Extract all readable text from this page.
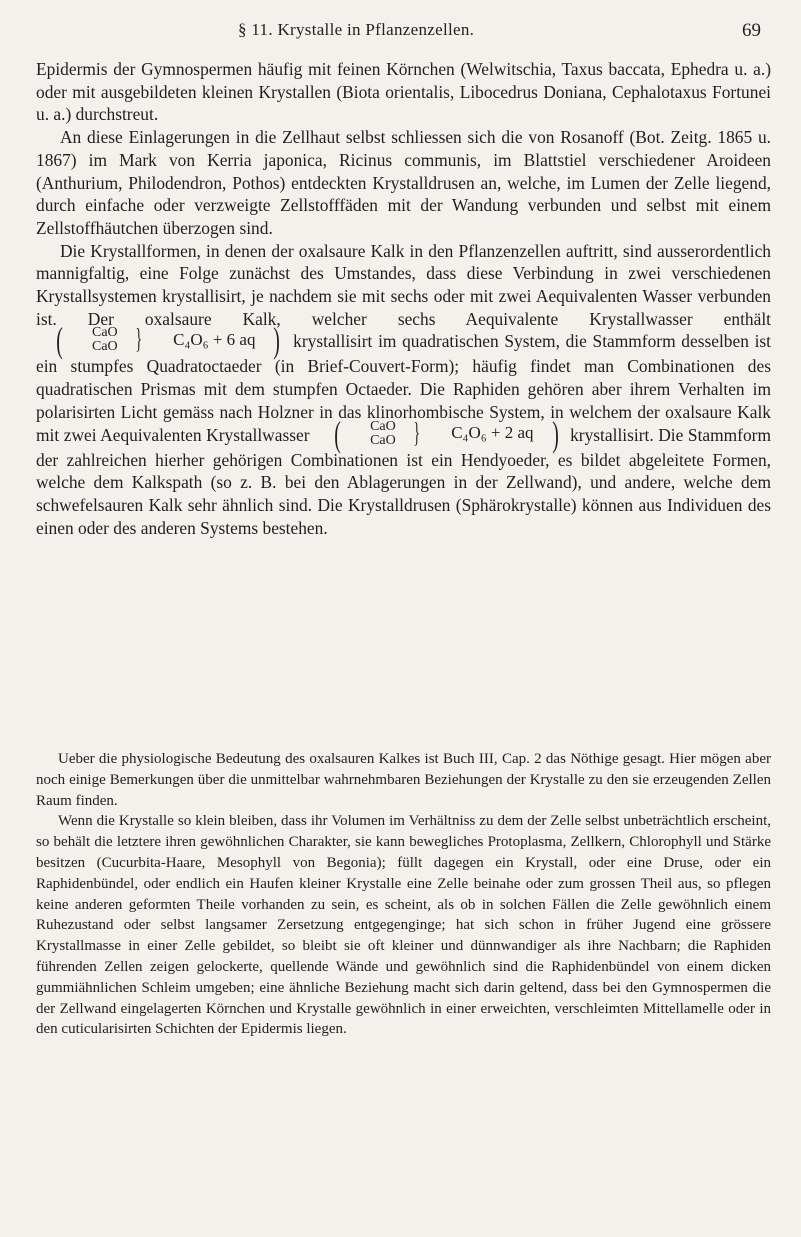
§ 11. Krystalle in Pflanzenzellen.	69

Epidermis der Gymnospermen häufig mit feinen Körnchen (Welwitschia, Taxus baccata, Ephedra u. a.) oder mit ausgebildeten kleinen Krystallen (Biota orientalis, Libocedrus Doniana, Cephalotaxus Fortunei u. a.) durchstreut.

An diese Einlagerungen in die Zellhaut selbst schliessen sich die von Rosanoff (Bot. Zeitg. 1865 u. 1867) im Mark von Kerria japonica, Ricinus communis, im Blattstiel verschiedener Aroideen (Anthurium, Philodendron, Pothos) entdeckten Krystalldrusen an, welche, im Lumen der Zelle liegend, durch einfache oder verzweigte Zellstofffäden mit der Wandung verbunden und selbst mit einem Zellstoffhäutchen überzogen sind.

Die Krystallformen, in denen der oxalsaure Kalk in den Pflanzenzellen auftritt, sind ausserordentlich mannigfaltig, eine Folge zunächst des Umstandes, dass diese Verbindung in zwei verschiedenen Krystallsystemen krystallisirt, je nachdem sie mit sechs oder mit zwei Aequivalenten Wasser verbunden ist. Der oxalsaure Kalk, welcher sechs Aequivalente Krystallwasser enthält
(	CaO
CaO }	C₄O₆ + 6 aq ) krystallisirt im quadratischen System, die Stammform desselben ist ein stumpfes Quadratoctaeder (in Brief-Couvert-Form); häufig findet man Combinationen des quadratischen Prismas mit dem stumpfen Octaeder. Die Raphiden gehören aber ihrem Verhalten im polarisirten Licht gemäss nach Holzner in das klinorhombische System, in welchem der oxalsaure Kalk mit zwei Aequivalenten Krystallwasser (	CaO
CaO }	C₄O₆ + 2 aq ) krystallisirt. Die Stammform der zahlreichen hierher gehörigen Combinationen ist ein Hendyoeder, es bildet abgeleitete Formen, welche dem Kalkspath (so z. B. bei den Ablagerungen in der Zellwand), und andere, welche dem schwefelsauren Kalk sehr ähnlich sind. Die Krystalldrusen (Sphärokrystalle) können aus Individuen des einen oder des anderen Systems bestehen.

Ueber die physiologische Bedeutung des oxalsauren Kalkes ist Buch III, Cap. 2 das Nöthige gesagt. Hier mögen aber noch einige Bemerkungen über die unmittelbar wahrnehmbaren Beziehungen der Krystalle zu den sie erzeugenden Zellen Raum finden.

Wenn die Krystalle so klein bleiben, dass ihr Volumen im Verhältniss zu dem der Zelle selbst unbeträchtlich erscheint, so behält die letztere ihren gewöhnlichen Charakter, sie kann bewegliches Protoplasma, Zellkern, Chlorophyll und Stärke besitzen (Cucurbita-Haare, Mesophyll von Begonia); füllt dagegen ein Krystall, oder eine Druse, oder ein Raphidenbündel, oder endlich ein Haufen kleiner Krystalle eine Zelle beinahe oder zum grossen Theil aus, so pflegen keine anderen geformten Theile vorhanden zu sein, es scheint, als ob in solchen Fällen die Zelle gewöhnlich einem Ruhezustand oder selbst langsamer Zersetzung entgegenginge; hat sich schon in früher Jugend eine grössere Krystallmasse in einer Zelle gebildet, so bleibt sie oft kleiner und dünnwandiger als ihre Nachbarn; die Raphiden führenden Zellen zeigen gelockerte, quellende Wände und gewöhnlich sind die Raphidenbündel von einem dicken gummiähnlichen Schleim umgeben; eine ähnliche Beziehung macht sich darin geltend, dass bei den Gymnospermen die der Zellwand eingelagerten Körnchen und Krystalle gewöhnlich in einer erweichten, verschleimten Mittellamelle oder in den cuticularisirten Schichten der Epidermis liegen.
